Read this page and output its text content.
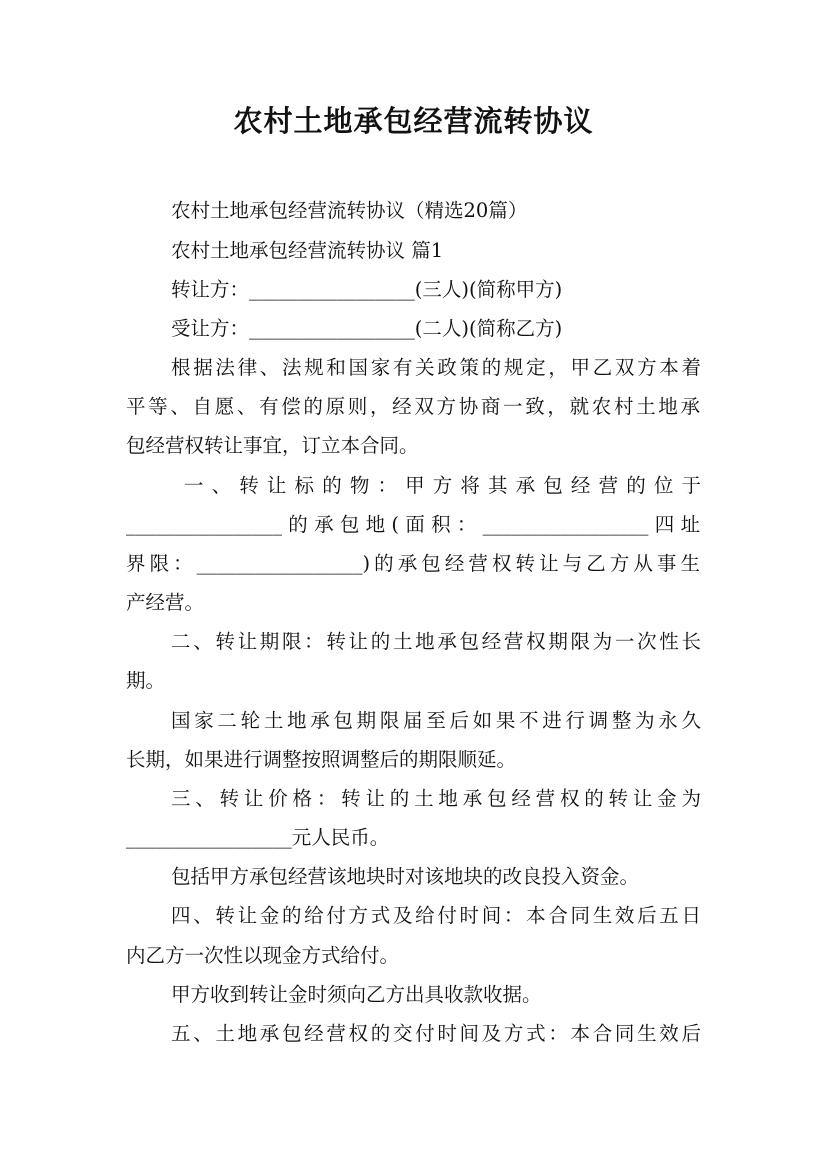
农村土地承包经营流转协议
农村土地承包经营流转协议（精选20篇）
农村土地承包经营流转协议 篇1
转让方：_________________(三人)(简称甲方)
受让方：_________________(二人)(简称乙方)
根据法律、法规和国家有关政策的规定，甲乙双方本着
平等、自愿、有偿的原则，经双方协商一致，就农村土地承
包经营权转让事宜，订立本合同。
一、转让标的物：甲方将其承包经营的位于
________________的承包地(面积：_________________四址
界限：_________________)的承包经营权转让与乙方从事生
产经营。
二、转让期限：转让的土地承包经营权期限为一次性长
期。
国家二轮土地承包期限届至后如果不进行调整为永久
长期，如果进行调整按照调整后的期限顺延。
三、转让价格：转让的土地承包经营权的转让金为
_________________元人民币。
包括甲方承包经营该地块时对该地块的改良投入资金。
四、转让金的给付方式及给付时间：本合同生效后五日
内乙方一次性以现金方式给付。
甲方收到转让金时须向乙方出具收款收据。
五、土地承包经营权的交付时间及方式：本合同生效后
